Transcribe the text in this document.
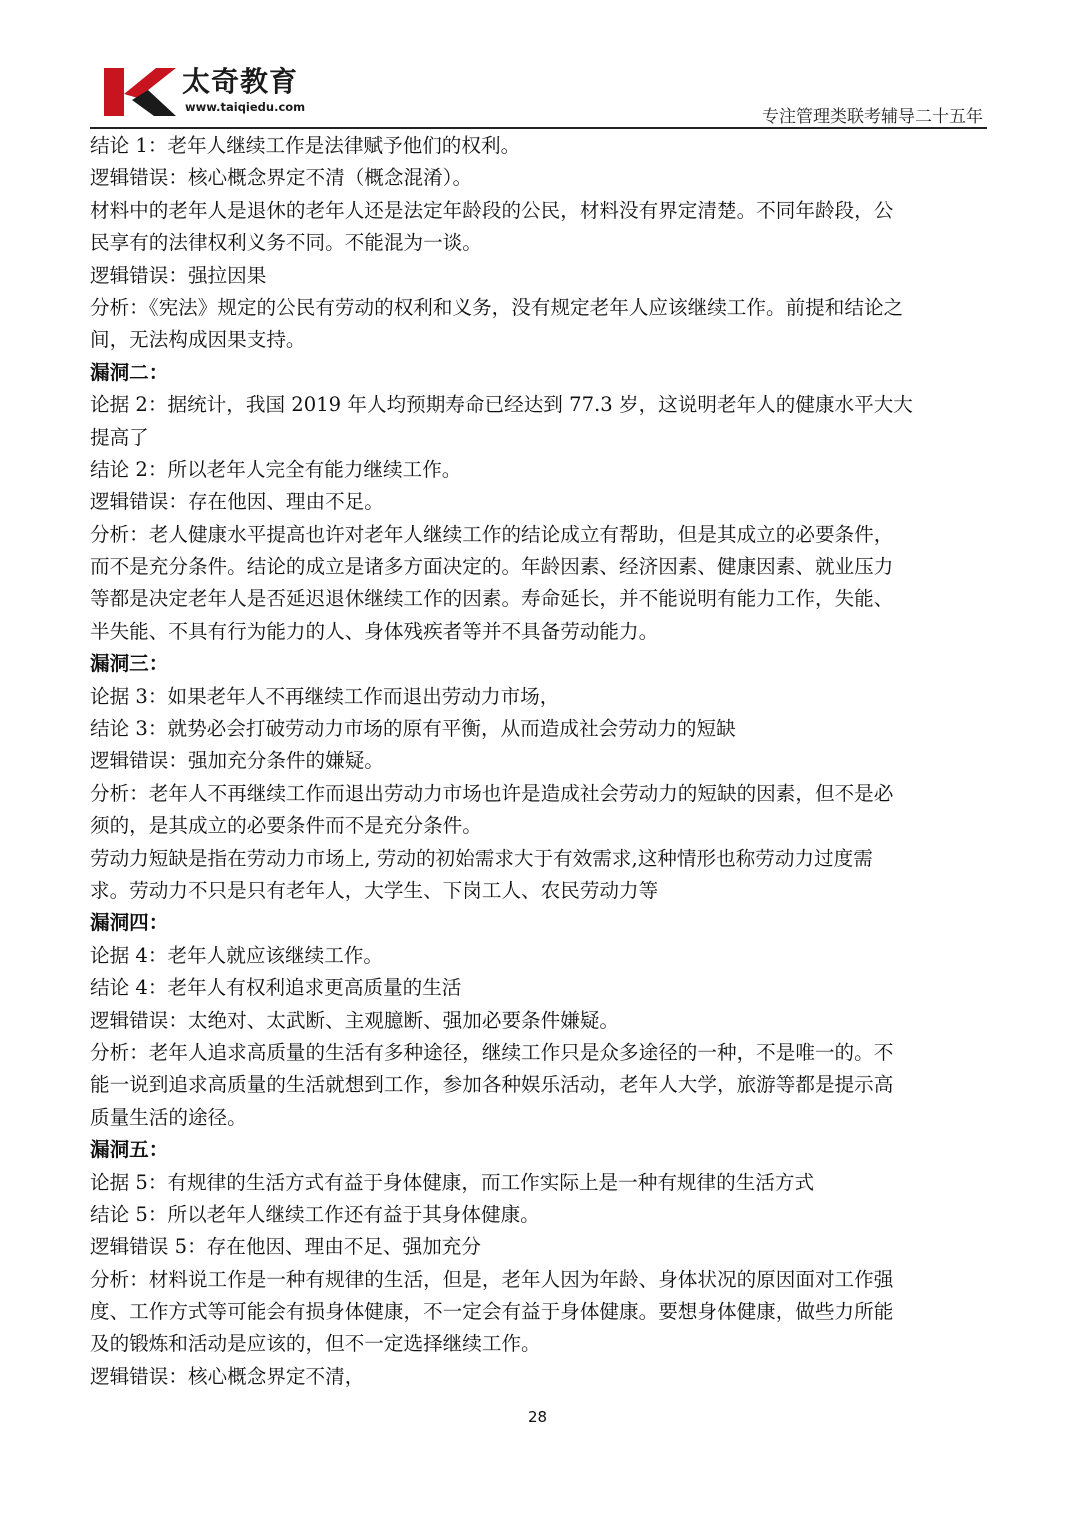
太奇教育
www.taiqiedu.com	专注管理类联考辅导二十五年
结论 1：老年人继续工作是法律赋予他们的权利。
逻辑错误：核心概念界定不清（概念混淆）。
材料中的老年人是退休的老年人还是法定年龄段的公民，材料没有界定清楚。不同年龄段，公
民享有的法律权利义务不同。不能混为一谈。
逻辑错误：强拉因果
分析：《宪法》规定的公民有劳动的权利和义务，没有规定老年人应该继续工作。前提和结论之
间，无法构成因果支持。
漏洞二：
论据 2：据统计，我国 2019 年人均预期寿命已经达到 77.3 岁，这说明老年人的健康水平大大
提高了
结论 2：所以老年人完全有能力继续工作。
逻辑错误：存在他因、理由不足。
分析：老人健康水平提高也许对老年人继续工作的结论成立有帮助，但是其成立的必要条件，
而不是充分条件。结论的成立是诸多方面决定的。年龄因素、经济因素、健康因素、就业压力
等都是决定老年人是否延迟退休继续工作的因素。寿命延长，并不能说明有能力工作，失能、
半失能、不具有行为能力的人、身体残疾者等并不具备劳动能力。
漏洞三：
论据 3：如果老年人不再继续工作而退出劳动力市场，
结论 3：就势必会打破劳动力市场的原有平衡，从而造成社会劳动力的短缺
逻辑错误：强加充分条件的嫌疑。
分析：老年人不再继续工作而退出劳动力市场也许是造成社会劳动力的短缺的因素，但不是必
须的，是其成立的必要条件而不是充分条件。
劳动力短缺是指在劳动力市场上, 劳动的初始需求大于有效需求,这种情形也称劳动力过度需
求。劳动力不只是只有老年人，大学生、下岗工人、农民劳动力等
漏洞四：
论据 4：老年人就应该继续工作。
结论 4：老年人有权利追求更高质量的生活
逻辑错误：太绝对、太武断、主观臆断、强加必要条件嫌疑。
分析：老年人追求高质量的生活有多种途径，继续工作只是众多途径的一种，不是唯一的。不
能一说到追求高质量的生活就想到工作，参加各种娱乐活动，老年人大学，旅游等都是提示高
质量生活的途径。
漏洞五：
论据 5：有规律的生活方式有益于身体健康，而工作实际上是一种有规律的生活方式
结论 5：所以老年人继续工作还有益于其身体健康。
逻辑错误 5：存在他因、理由不足、强加充分
分析：材料说工作是一种有规律的生活，但是，老年人因为年龄、身体状况的原因面对工作强
度、工作方式等可能会有损身体健康，不一定会有益于身体健康。要想身体健康，做些力所能
及的锻炼和活动是应该的，但不一定选择继续工作。
逻辑错误：核心概念界定不清，
28
